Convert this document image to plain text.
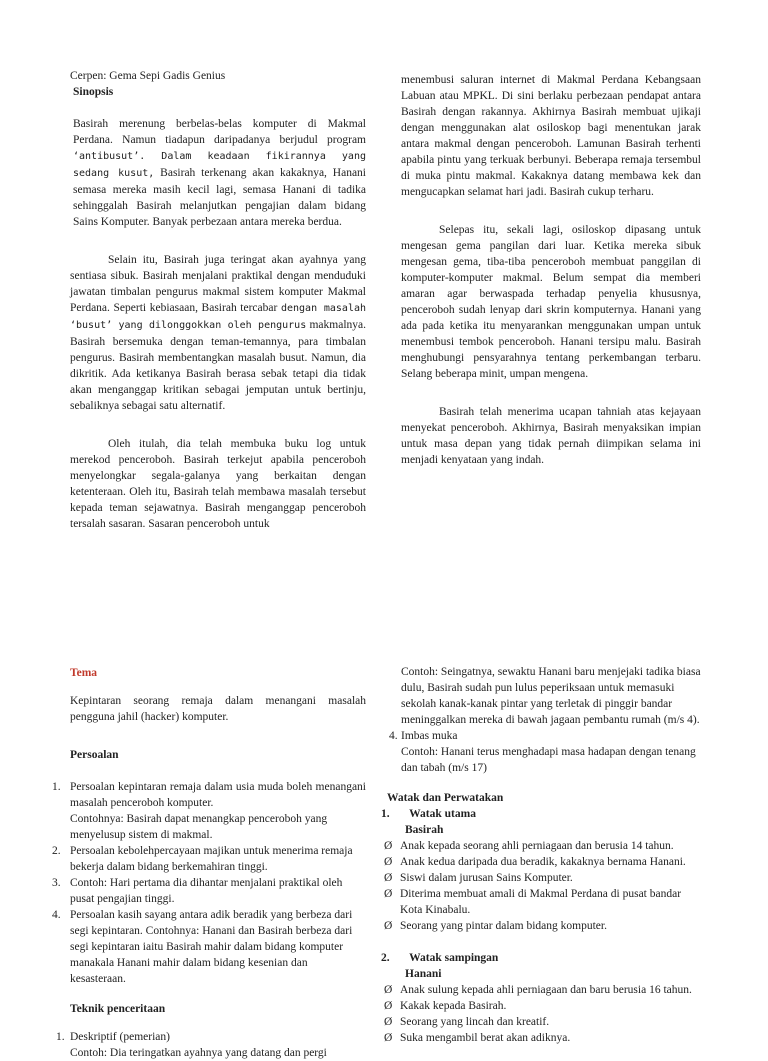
Cerpen: Gema Sepi Gadis Genius

Sinopsis

Basirah merenung berbelas-belas komputer di Makmal Perdana. Namun tiadapun daripadanya berjudul program ‘antibusut’. Dalam keadaan fikirannya yang sedang kusut, Basirah terkenang akan kakaknya, Hanani semasa mereka masih kecil lagi, semasa Hanani di tadika sehinggalah Basirah melanjutkan pengajian dalam bidang Sains Komputer. Banyak perbezaan antara mereka berdua.

Selain itu, Basirah juga teringat akan ayahnya yang sentiasa sibuk. Basirah menjalani praktikal dengan menduduki jawatan timbalan pengurus makmal sistem komputer Makmal Perdana. Seperti kebiasaan, Basirah tercabar dengan masalah ‘busut’ yang dilonggokkan oleh pengurus makmalnya. Basirah bersemuka dengan teman-temannya, para timbalan pengurus. Basirah membentangkan masalah busut. Namun, dia dikritik. Ada ketikanya Basirah berasa sebak tetapi dia tidak akan menganggap kritikan sebagai jemputan untuk bertinju, sebaliknya sebagai satu alternatif.

Oleh itulah, dia telah membuka buku log untuk merekod penceroboh. Basirah terkejut apabila penceroboh menyelongkar segala-galanya yang berkaitan dengan ketenteraan. Oleh itu, Basirah telah membawa masalah tersebut kepada teman sejawatnya. Basirah menganggap penceroboh tersalah sasaran. Sasaran penceroboh untuk

menembusi saluran internet di Makmal Perdana Kebangsaan Labuan atau MPKL. Di sini berlaku perbezaan pendapat antara Basirah dengan rakannya. Akhirnya Basirah membuat ujikaji dengan menggunakan alat osiloskop bagi menentukan jarak antara makmal dengan penceroboh. Lamunan Basirah terhenti apabila pintu yang terkuak berbunyi. Beberapa remaja tersembul di muka pintu makmal. Kakaknya datang membawa kek dan mengucapkan selamat hari jadi. Basirah cukup terharu.

Selepas itu, sekali lagi, osiloskop dipasang untuk mengesan gema pangilan dari luar. Ketika mereka sibuk mengesan gema, tiba-tiba penceroboh membuat panggilan di komputer-komputer makmal. Belum sempat dia memberi amaran agar berwaspada terhadap penyelia khususnya, penceroboh sudah lenyap dari skrin komputernya. Hanani yang ada pada ketika itu menyarankan menggunakan umpan untuk menembusi tembok penceroboh. Hanani tersipu malu. Basirah menghubungi pensyarahnya tentang perkembangan terbaru. Selang beberapa minit, umpan mengena.

Basirah telah menerima ucapan tahniah atas kejayaan menyekat penceroboh. Akhirnya, Basirah menyaksikan impian untuk masa depan yang tidak pernah diimpikan selama ini menjadi kenyataan yang indah.

Tema

Kepintaran seorang remaja dalam menangani masalah pengguna jahil (hacker) komputer.

Persoalan

1. Persoalan kepintaran remaja dalam usia muda boleh menangani masalah penceroboh komputer.

Contohnya: Basirah dapat menangkap penceroboh yang menyelusup sistem di makmal.

2. Persoalan kebolehpercayaan majikan untuk menerima remaja bekerja dalam bidang berkemahiran tinggi.

3. Contoh: Hari pertama dia dihantar menjalani praktikal oleh pusat pengajian tinggi.

4. Persoalan kasih sayang antara adik beradik yang berbeza dari segi kepintaran. Contohnya: Hanani dan Basirah berbeza dari segi kepintaran iaitu Basirah mahir dalam bidang komputer manakala Hanani mahir dalam bidang kesenian dan kesasteraan.

Teknik penceritaan

1. Deskriptif (pemerian)

Contoh: Dia teringatkan ayahnya yang datang dan pergi

Contoh: Seingatnya, sewaktu Hanani baru menjejaki tadika biasa dulu, Basirah sudah pun lulus peperiksaan untuk memasuki sekolah kanak-kanak pintar yang terletak di pinggir bandar meninggalkan mereka di bawah jagaan pembantu rumah (m/s 4).

4. Imbas muka

Contoh: Hanani terus menghadapi masa hadapan dengan tenang dan tabah (m/s 17)

Watak dan Perwatakan

1. Watak utama

Basirah

Ø Anak kepada seorang ahli perniagaan dan berusia 14 tahun.
Ø Anak kedua daripada dua beradik, kakaknya bernama Hanani.
Ø Siswi dalam jurusan Sains Komputer.
Ø Diterima membuat amali di Makmal Perdana di pusat bandar Kota Kinabalu.
Ø Seorang yang pintar dalam bidang komputer.

2. Watak sampingan

Hanani

Ø Anak sulung kepada ahli perniagaan dan baru berusia 16 tahun.
Ø Kakak kepada Basirah.
Ø Seorang yang lincah dan kreatif.
Ø Suka mengambil berat akan adiknya.
